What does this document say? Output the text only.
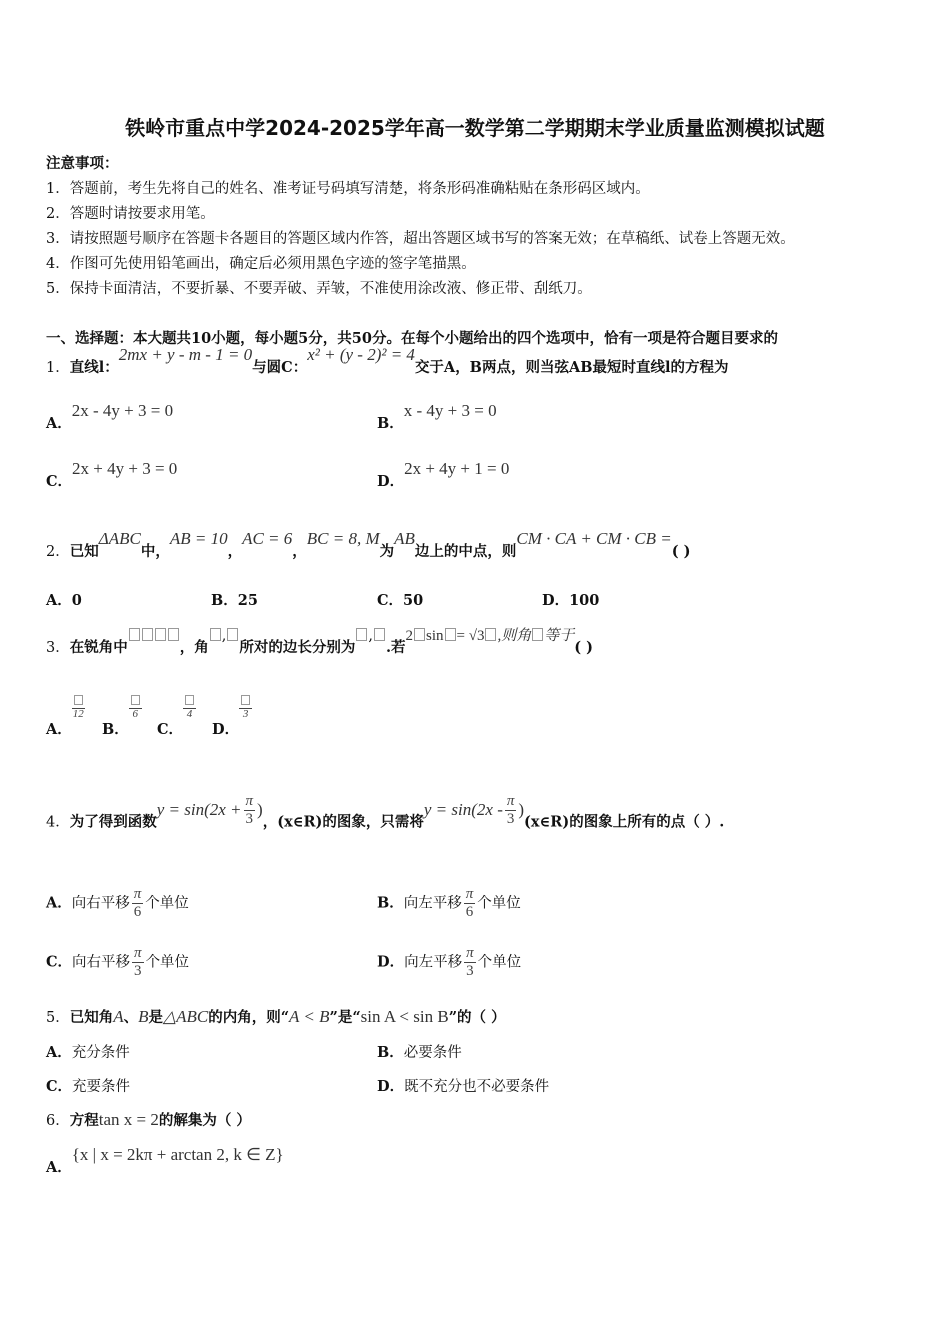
铁岭市重点中学2024-2025学年高一数学第二学期期末学业质量监测模拟试题
注意事项：
1．答题前，考生先将自己的姓名、准考证号码填写清楚，将条形码准确粘贴在条形码区域内。
2．答题时请按要求用笔。
3．请按照题号顺序在答题卡各题目的答题区域内作答，超出答题区域书写的答案无效；在草稿纸、试卷上答题无效。
4．作图可先使用铅笔画出，确定后必须用黑色字迹的签字笔描黑。
5．保持卡面清洁，不要折暴、不要弄破、弄皱，不准使用涂改液、修正带、刮纸刀。
一、选择题：本大题共10小题，每小题5分，共50分。在每个小题给出的四个选项中，恰有一项是符合题目要求的
1．直线l：2mx + y - m - 1 = 0与圆C：x² + (y - 2)² = 4交于A，B两点，则当弦AB最短时直线l的方程为
A．2x - 4y + 3 = 0
B．x - 4y + 3 = 0
C．2x + 4y + 3 = 0
D．2x + 4y + 1 = 0
2．已知ΔABC中，AB = 10，AC = 6，BC = 8, M为AB边上的中点，则CM · CA + CM · CB =( )
A．0	B．25	C．50	D．100
3．在锐角中	，角,所对的边长分别为,.若2 sin = √3 ,则角 等于( )
A．
12
B．
6
C．
4
D．
3
4．为了得到函数$y = \sin(2x + \frac{\pi}{3}$ )，(x∈R)的图象，只需将$y = \sin(2x - \frac{\pi}{3}$ )(x∈R)的图象上所有的点（ ）.
A．向右平移 $\frac{\pi}{6}$ 个单位	B．向左平移 $\frac{\pi}{6}$ 个单位
C．向右平移 $\frac{\pi}{3}$ 个单位	D．向左平移 $\frac{\pi}{3}$ 个单位
5．已知角A、B是△ABC的内角，则“A < B”是“sin A < sin B”的（ ）
A．充分条件	B．必要条件
C．充要条件	D．既不充分也不必要条件
6．方程tan x = 2的解集为（ ）
A．{x | x = 2kπ + arctan 2, k ∈ Z}
